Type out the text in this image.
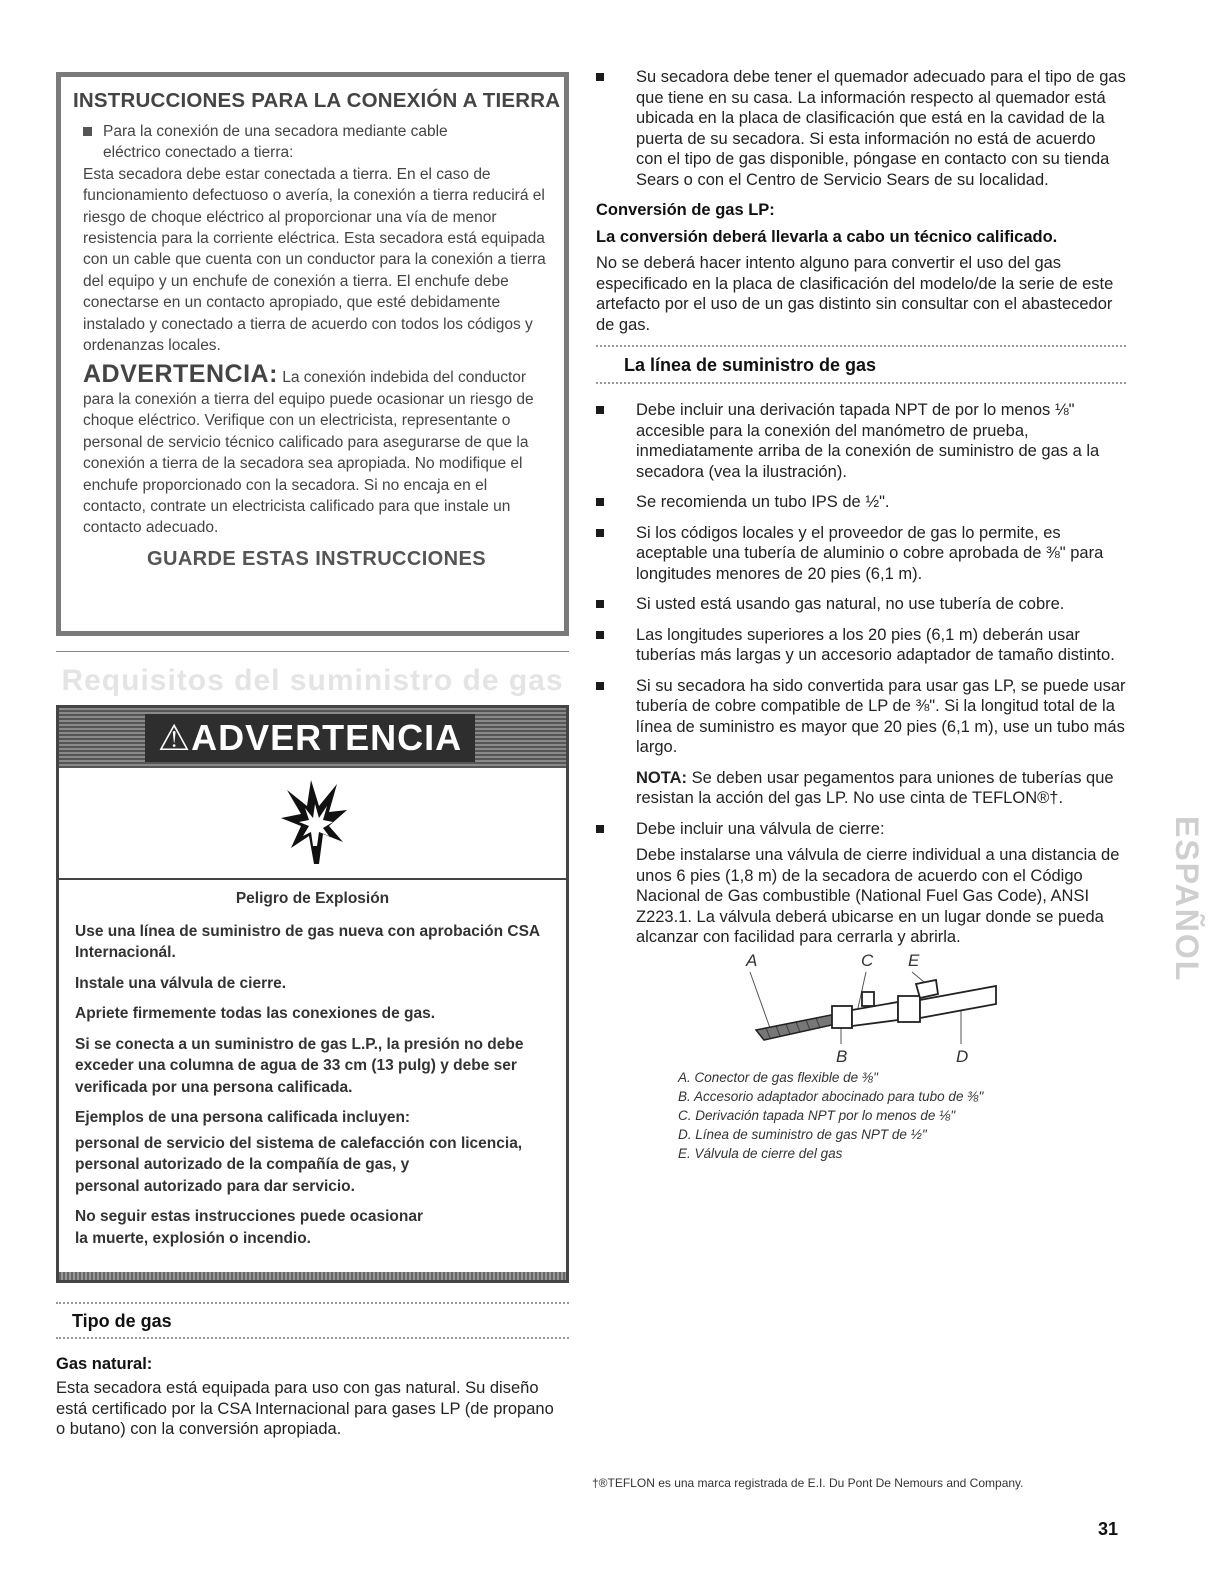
INSTRUCCIONES PARA LA CONEXIÓN A TIERRA
Para la conexión de una secadora mediante cable
eléctrico conectado a tierra:

Esta secadora debe estar conectada a tierra. En el caso de funcionamiento defectuoso o avería, la conexión a tierra reducirá el riesgo de choque eléctrico al proporcionar una vía de menor resistencia para la corriente eléctrica. Esta secadora está equipada con un cable que cuenta con un conductor para la conexión a tierra del equipo y un enchufe de conexión a tierra. El enchufe debe conectarse en un contacto apropiado, que esté debidamente instalado y conectado a tierra de acuerdo con todos los códigos y ordenanzas locales.

ADVERTENCIA: La conexión indebida del conductor para la conexión a tierra del equipo puede ocasionar un riesgo de choque eléctrico. Verifique con un electricista, representante o personal de servicio técnico calificado para asegurarse de que la conexión a tierra de la secadora sea apropiada. No modifique el enchufe proporcionado con la secadora. Si no encaja en el contacto, contrate un electricista calificado para que instale un contacto adecuado.

GUARDE ESTAS INSTRUCCIONES
Requisitos del suministro de gas
⚠ADVERTENCIA

Peligro de Explosión

Use una línea de suministro de gas nueva con aprobación CSA Internacionál.

Instale una válvula de cierre.

Apriete firmemente todas las conexiones de gas.

Si se conecta a un suministro de gas L.P., la presión no debe exceder una columna de agua de 33 cm (13 pulg) y debe ser verificada por una persona calificada.

Ejemplos de una persona calificada incluyen:

personal de servicio del sistema de calefacción con licencia,
personal autorizado de la compañía de gas, y
personal autorizado para dar servicio.

No seguir estas instrucciones puede ocasionar
la muerte, explosión o incendio.

Tipo de gas
Gas natural:
Esta secadora está equipada para uso con gas natural. Su diseño está certificado por la CSA Internacional para gases LP (de propano o butano) con la conversión apropiada.
Su secadora debe tener el quemador adecuado para el tipo de gas que tiene en su casa. La información respecto al quemador está ubicada en la placa de clasificación que está en la cavidad de la puerta de su secadora. Si esta información no está de acuerdo con el tipo de gas disponible, póngase en contacto con su tienda Sears o con el Centro de Servicio Sears de su localidad.

Conversión de gas LP:

La conversión deberá llevarla a cabo un técnico calificado.

No se deberá hacer intento alguno para convertir el uso del gas especificado en la placa de clasificación del modelo/de la serie de este artefacto por el uso de un gas distinto sin consultar con el abastecedor de gas.

La línea de suministro de gas
Debe incluir una derivación tapada NPT de por lo menos ⅛" accesible para la conexión del manómetro de prueba, inmediatamente arriba de la conexión de suministro de gas a la secadora (vea la ilustración).
Se recomienda un tubo IPS de ½".
Si los códigos locales y el proveedor de gas lo permite, es aceptable una tubería de aluminio o cobre aprobada de ⅜" para longitudes menores de 20 pies (6,1 m).
Si usted está usando gas natural, no use tubería de cobre.
Las longitudes superiores a los 20 pies (6,1 m) deberán usar tuberías más largas y un accesorio adaptador de tamaño distinto.
Si su secadora ha sido convertida para usar gas LP, se puede usar tubería de cobre compatible de LP de ⅜". Si la longitud total de la línea de suministro es mayor que 20 pies (6,1 m), use un tubo más largo.

NOTA: Se deben usar pegamentos para uniones de tuberías que resistan la acción del gas LP. No use cinta de TEFLON®†.

Debe incluir una válvula de cierre:

Debe instalarse una válvula de cierre individual a una distancia de unos 6 pies (1,8 m) de la secadora de acuerdo con el Código Nacional de Gas combustible (National Fuel Gas Code), ANSI Z223.1. La válvula deberá ubicarse en un lugar donde se pueda alcanzar con facilidad para cerrarla y abrirla.

A	C E
B	D
A. Conector de gas flexible de ⅜"
B. Accesorio adaptador abocinado para tubo de ⅜"
C. Derivación tapada NPT por lo menos de ⅛"
D. Línea de suministro de gas NPT de ½"
E. Válvula de cierre del gas
ESPAÑOL
†®TEFLON es una marca registrada de E.I. Du Pont De Nemours and Company.
31
